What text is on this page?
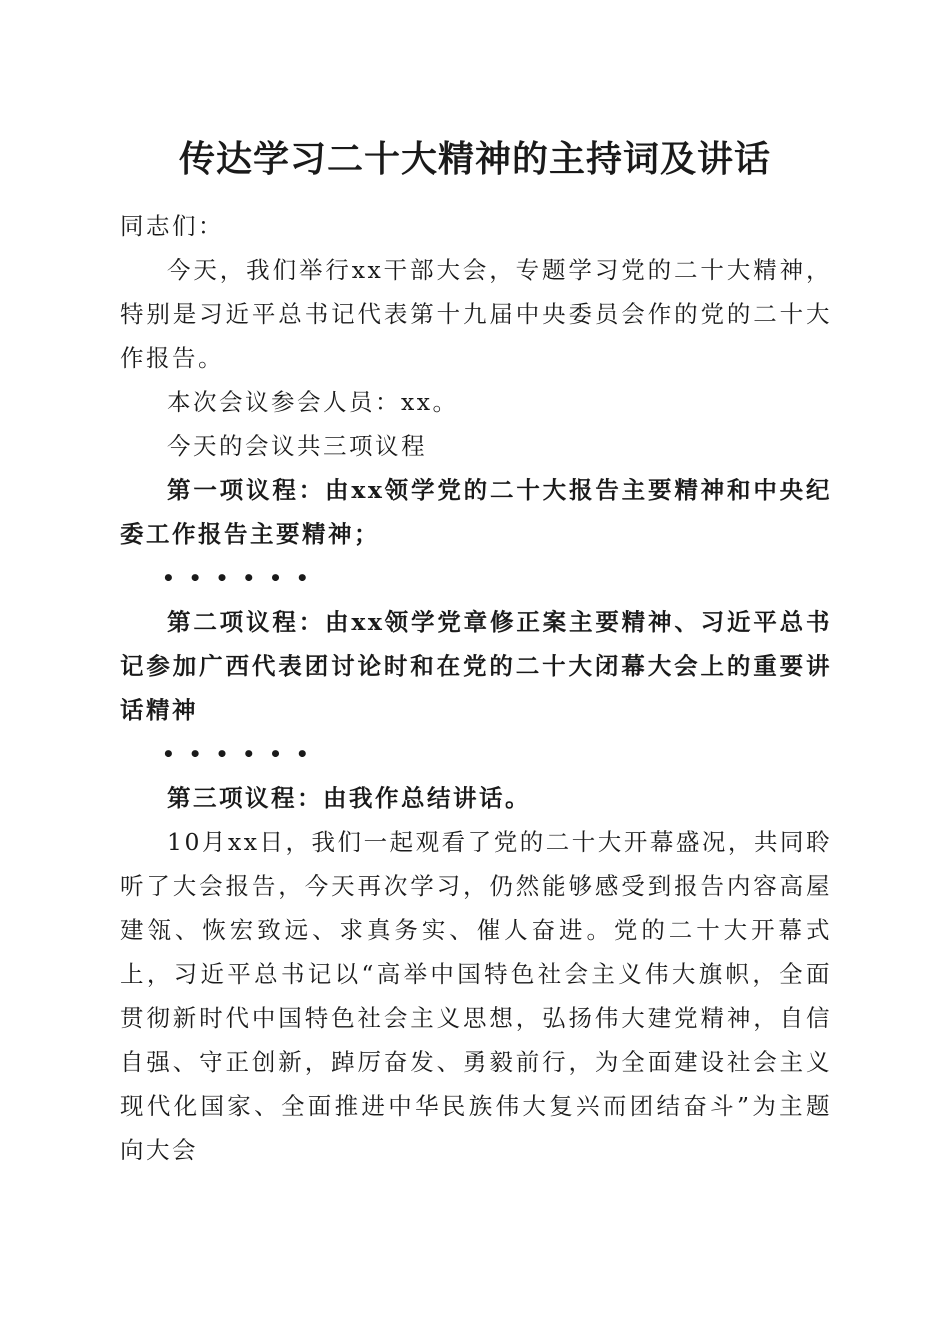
传达学习二十大精神的主持词及讲话

同志们：

今天，我们举行xx干部大会，专题学习党的二十大精神，特别是习近平总书记代表第十九届中央委员会作的党的二十大作报告。

本次会议参会人员：xx。

今天的会议共三项议程

第一项议程：由xx领学党的二十大报告主要精神和中央纪委工作报告主要精神；

••••••

第二项议程：由xx领学党章修正案主要精神、习近平总书记参加广西代表团讨论时和在党的二十大闭幕大会上的重要讲话精神

••••••

第三项议程：由我作总结讲话。

10月xx日，我们一起观看了党的二十大开幕盛况，共同聆听了大会报告，今天再次学习，仍然能够感受到报告内容高屋建瓴、恢宏致远、求真务实、催人奋进。党的二十大开幕式上，习近平总书记以“高举中国特色社会主义伟大旗帜，全面贯彻新时代中国特色社会主义思想，弘扬伟大建党精神，自信自强、守正创新，踔厉奋发、勇毅前行，为全面建设社会主义现代化国家、全面推进中华民族伟大复兴而团结奋斗”为主题向大会
